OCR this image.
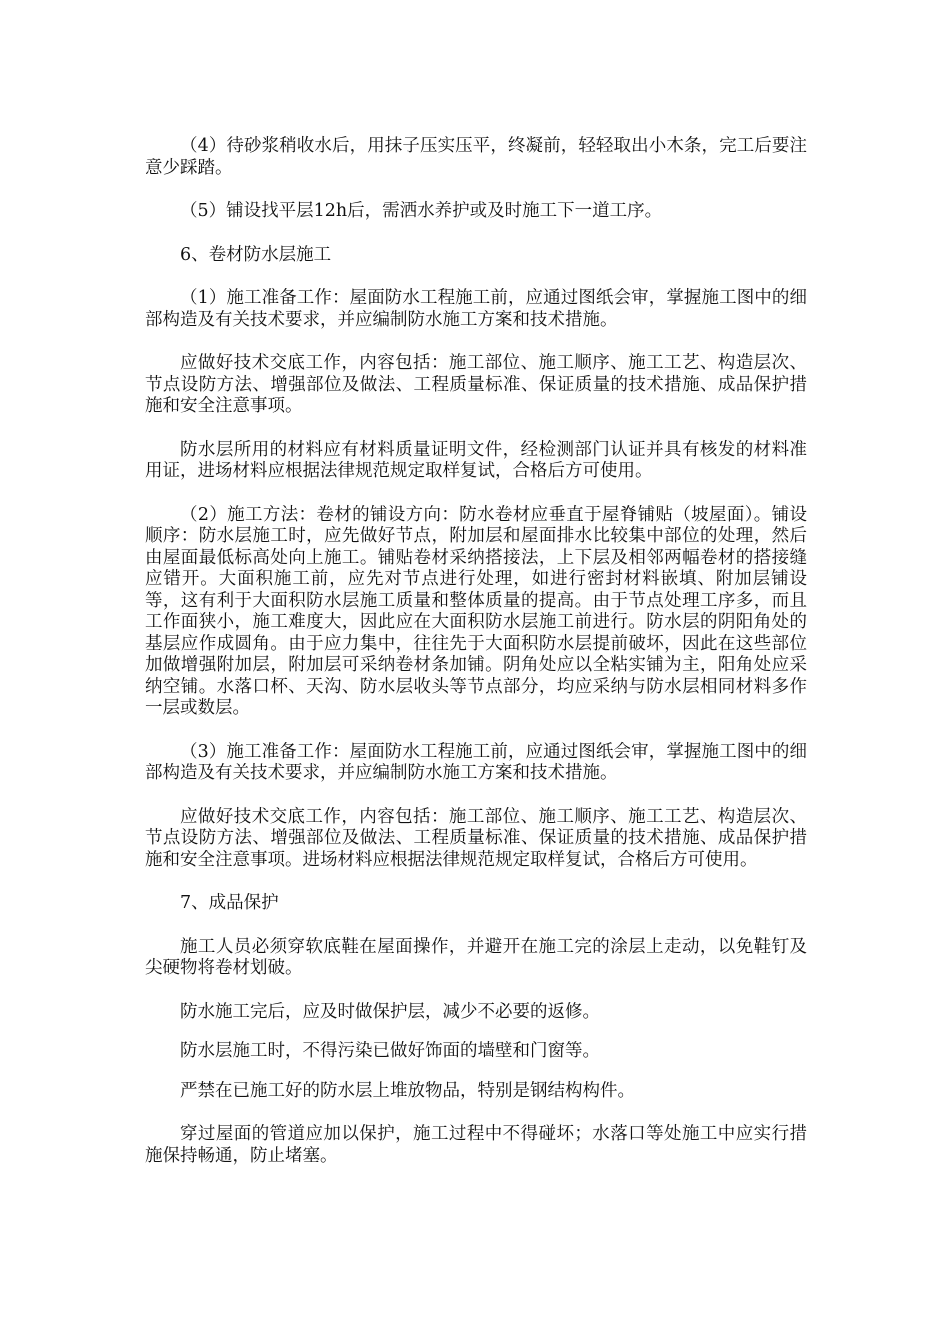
（4）待砂浆稍收水后，用抹子压实压平，终凝前，轻轻取出小木条，完工后要注意少踩踏。

（5）铺设找平层12h后，需洒水养护或及时施工下一道工序。

6、卷材防水层施工

（1）施工准备工作：屋面防水工程施工前，应通过图纸会审，掌握施工图中的细部构造及有关技术要求，并应编制防水施工方案和技术措施。

应做好技术交底工作，内容包括：施工部位、施工顺序、施工工艺、构造层次、节点设防方法、增强部位及做法、工程质量标准、保证质量的技术措施、成品保护措施和安全注意事项。

防水层所用的材料应有材料质量证明文件，经检测部门认证并具有核发的材料准用证，进场材料应根据法律规范规定取样复试，合格后方可使用。

（2）施工方法：卷材的铺设方向：防水卷材应垂直于屋脊铺贴（坡屋面）。铺设顺序：防水层施工时，应先做好节点，附加层和屋面排水比较集中部位的处理，然后由屋面最低标高处向上施工。铺贴卷材采纳搭接法，上下层及相邻两幅卷材的搭接缝应错开。大面积施工前，应先对节点进行处理，如进行密封材料嵌填、附加层铺设等，这有利于大面积防水层施工质量和整体质量的提高。由于节点处理工序多，而且工作面狭小，施工难度大，因此应在大面积防水层施工前进行。防水层的阴阳角处的基层应作成圆角。由于应力集中，往往先于大面积防水层提前破坏，因此在这些部位加做增强附加层，附加层可采纳卷材条加铺。阴角处应以全粘实铺为主，阳角处应采纳空铺。水落口杯、天沟、防水层收头等节点部分，均应采纳与防水层相同材料多作一层或数层。

（3）施工准备工作：屋面防水工程施工前，应通过图纸会审，掌握施工图中的细部构造及有关技术要求，并应编制防水施工方案和技术措施。

应做好技术交底工作，内容包括：施工部位、施工顺序、施工工艺、构造层次、节点设防方法、增强部位及做法、工程质量标准、保证质量的技术措施、成品保护措施和安全注意事项。进场材料应根据法律规范规定取样复试，合格后方可使用。

7、成品保护

施工人员必须穿软底鞋在屋面操作，并避开在施工完的涂层上走动，以免鞋钉及尖硬物将卷材划破。

防水施工完后，应及时做保护层，减少不必要的返修。

防水层施工时，不得污染已做好饰面的墙壁和门窗等。

严禁在已施工好的防水层上堆放物品，特别是钢结构构件。

穿过屋面的管道应加以保护，施工过程中不得碰坏；水落口等处施工中应实行措施保持畅通，防止堵塞。
